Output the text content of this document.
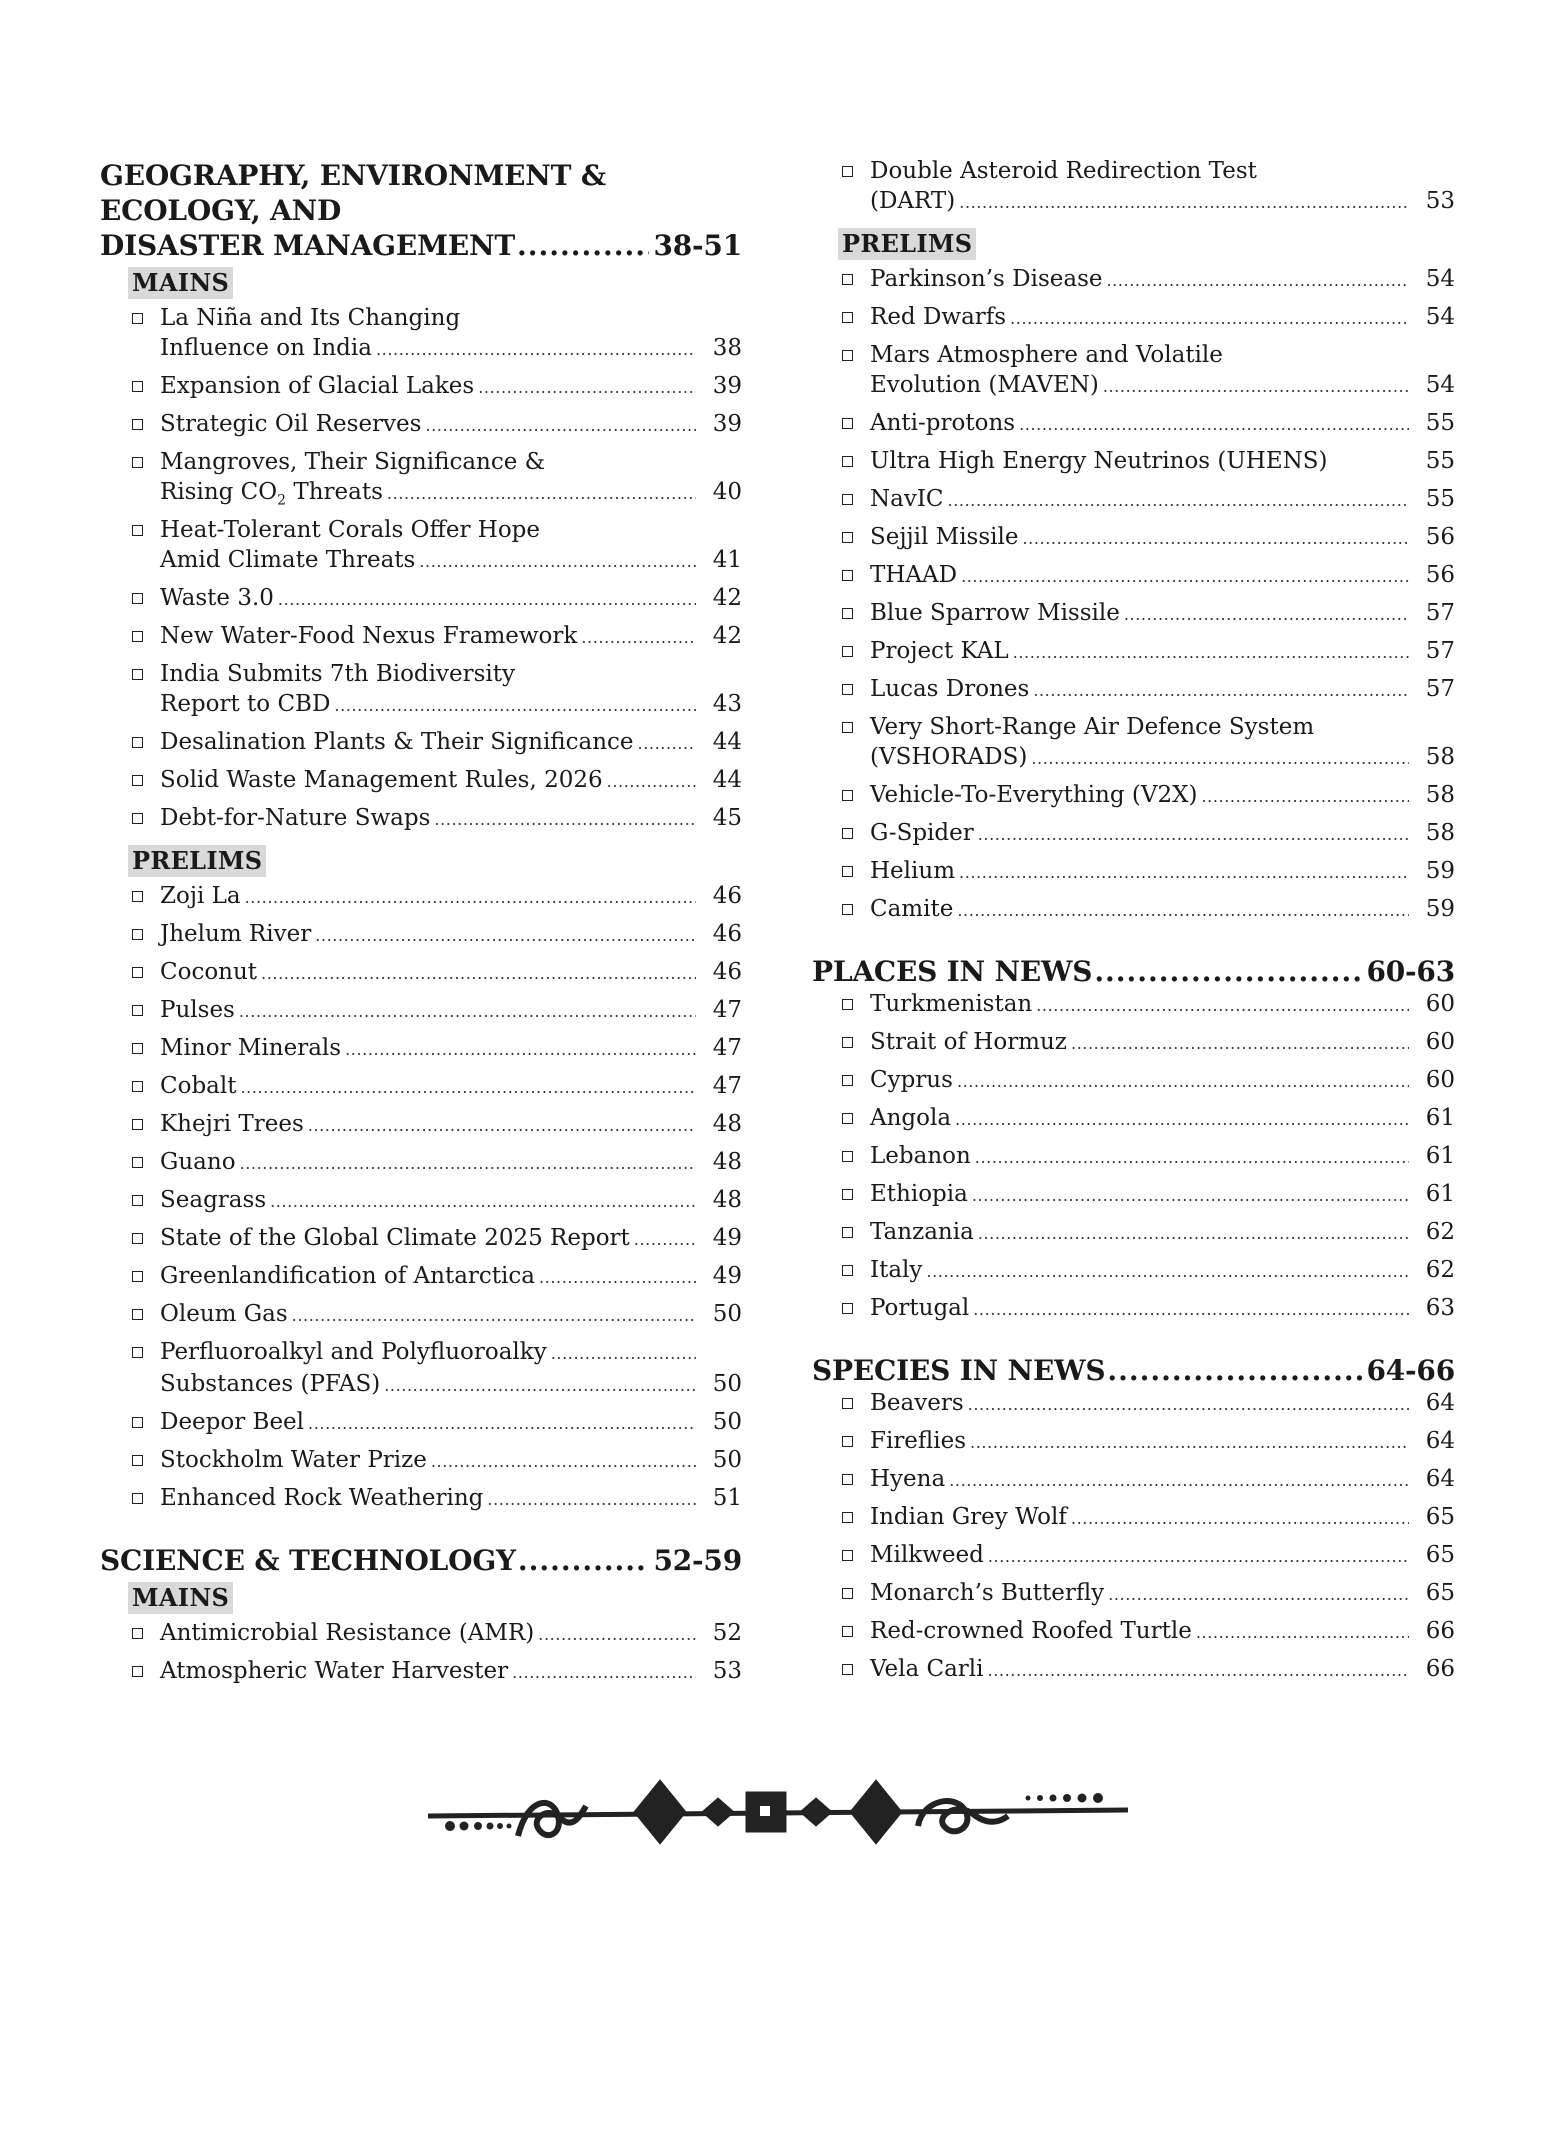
GEOGRAPHY, ENVIRONMENT &
ECOLOGY, AND
DISASTER MANAGEMENT .....	38-51
MAINS
La Niña and Its Changing
Influence on India .....	38
Expansion of Glacial Lakes .....	39
Strategic Oil Reserves .....	39
Mangroves, Their Significance &
Rising $CO_2$ Threats .....	40
Heat-Tolerant Corals Offer Hope
Amid Climate Threats .....	41
Waste 3.0 .....	42
New Water-Food Nexus Framework .....	42
India Submits 7th Biodiversity
Report to CBD .....	43
Desalination Plants & Their Significance .....	44
Solid Waste Management Rules, 2026 .....	44
Debt-for-Nature Swaps .....	45
PRELIMS
Zoji La .....	46
Jhelum River .....	46
Coconut .....	46
Pulses .....	47
Minor Minerals .....	47
Cobalt .....	47
Khejri Trees .....	48
Guano .....	48
Seagrass .....	48
State of the Global Climate 2025 Report .....	49
Greenlandification of Antarctica .....	49
Oleum Gas .....	50
Perfluoroalkyl and Polyfluoroalky
.....
Substances (PFAS) .....	50
Deepor Beel .....	50
Stockholm Water Prize .....	50
Enhanced Rock Weathering .....	51
SCIENCE & TECHNOLOGY .....	52-59
MAINS
Antimicrobial Resistance (AMR) .....	52
Atmospheric Water Harvester .....	53
Double Asteroid Redirection Test
(DART) .....	53
PRELIMS
Parkinson’s Disease .....	54
Red Dwarfs .....	54
Mars Atmosphere and Volatile
Evolution (MAVEN) .....	54
Anti-protons .....	55
Ultra High Energy Neutrinos (UHENS)	55
NavIC .....	55
Sejjil Missile .....	56
THAAD .....	56
Blue Sparrow Missile .....	57
Project KAL .....	57
Lucas Drones .....	57
Very Short-Range Air Defence System
(VSHORADS) .....	58
Vehicle-To-Everything (V2X) .....	58
G-Spider .....	58
Helium .....	59
Camite .....	59
PLACES IN NEWS .....	60-63
Turkmenistan .....	60
Strait of Hormuz .....	60
Cyprus .....	60
Angola .....	61
Lebanon .....	61
Ethiopia .....	61
Tanzania .....	62
Italy .....	62
Portugal .....	63
SPECIES IN NEWS .....	64-66
Beavers .....	64
Fireflies .....	64
Hyena .....	64
Indian Grey Wolf .....	65
Milkweed .....	65
Monarch’s Butterfly .....	65
Red-crowned Roofed Turtle .....	66
Vela Carli .....	66
